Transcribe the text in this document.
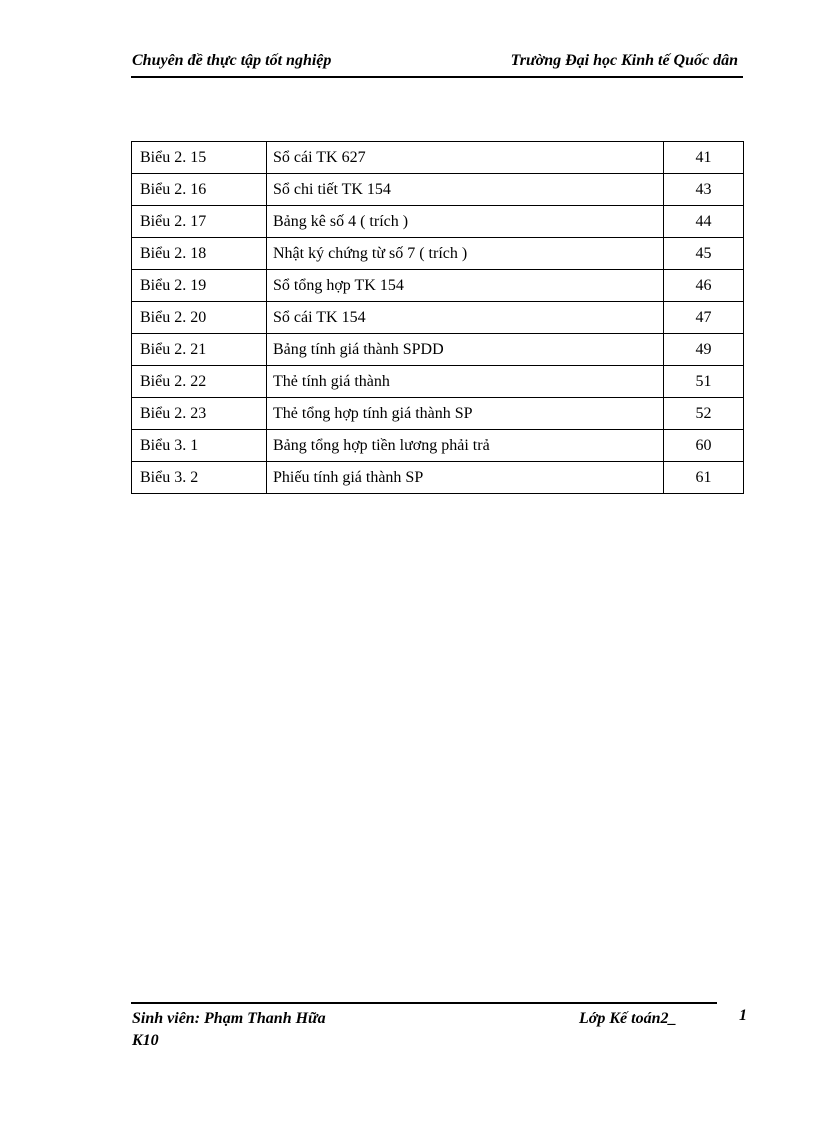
Chuyên đề thực tập tốt nghiệp	Trường Đại học Kinh tế Quốc dân
Biểu 2. 15	Sổ cái TK 627	41
Biểu 2. 16	Sổ chi tiết TK 154	43
Biểu 2. 17	Bảng kê số 4 ( trích )	44
Biểu 2. 18	Nhật ký chứng từ số 7 ( trích )	45
Biểu 2. 19	Sổ tổng hợp TK 154	46
Biểu 2. 20	Sổ cái TK 154	47
Biểu 2. 21	Bảng tính giá thành SPDD	49
Biểu 2. 22	Thẻ tính giá thành	51
Biểu 2. 23	Thẻ tổng hợp tính giá thành SP	52
Biểu 3. 1	Bảng tổng hợp tiền lương phải trả	60
Biểu 3. 2	Phiếu tính giá thành SP	61
Sinh viên: Phạm Thanh Hữa	Lớp Kế toán2_	1
K10
